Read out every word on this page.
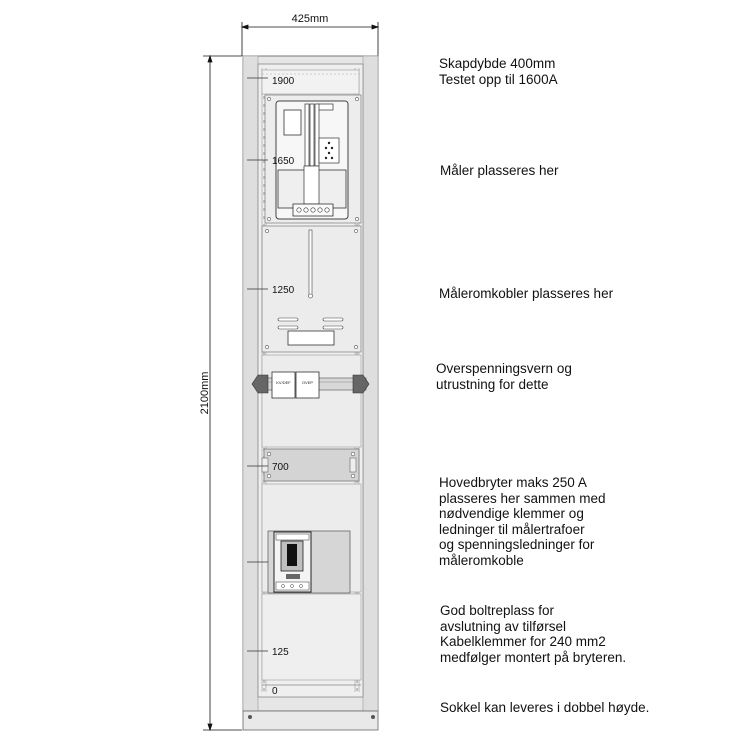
425mm
2100mm	KV/DEF	OVEP
1900
1650
1250
700
125
0
Skapdybde 400mm
Testet opp til 1600A
Måler plasseres her
Måleromkobler plasseres her
Overspenningsvern og
utrustning for dette
Hovedbryter maks 250 A
plasseres her sammen med
nødvendige klemmer og
ledninger til målertrafoer
og spenningsledninger for
måleromkoble
God boltreplass for
avslutning av tilførsel
Kabelklemmer for 240 mm2
medfølger montert på bryteren.
Sokkel kan leveres i dobbel høyde.
